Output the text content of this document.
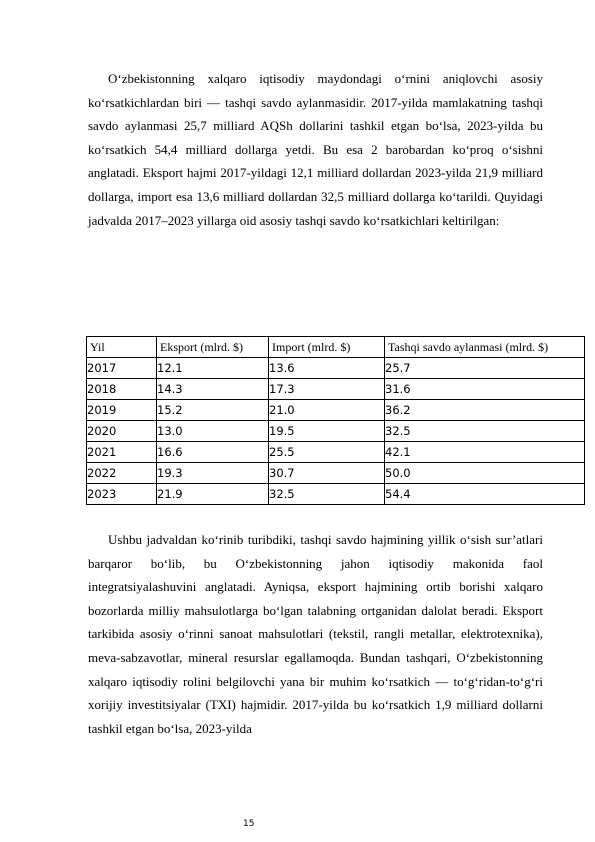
O‘zbekistonning xalqaro iqtisodiy maydondagi o‘rnini aniqlovchi asosiy ko‘rsatkichlardan biri — tashqi savdo aylanmasidir. 2017-yilda mamlakatning tashqi savdo aylanmasi 25,7 milliard AQSh dollarini tashkil etgan bo‘lsa, 2023-yilda bu ko‘rsatkich 54,4 milliard dollarga yetdi. Bu esa 2 barobardan ko‘proq o‘sishni anglatadi. Eksport hajmi 2017-yildagi 12,1 milliard dollardan 2023-yilda 21,9 milliard dollarga, import esa 13,6 milliard dollardan 32,5 milliard dollarga ko‘tarildi. Quyidagi jadvalda 2017–2023 yillarga oid asosiy tashqi savdo ko‘rsatkichlari keltirilgan:

Yil	Eksport (mlrd. $)	Import (mlrd. $)	Tashqi savdo aylanmasi (mlrd. $)
2017	12.1	13.6	25.7
2018	14.3	17.3	31.6
2019	15.2	21.0	36.2
2020	13.0	19.5	32.5
2021	16.6	25.5	42.1
2022	19.3	30.7	50.0
2023	21.9	32.5	54.4

Ushbu jadvaldan ko‘rinib turibdiki, tashqi savdo hajmining yillik o‘sish sur’atlari barqaror bo‘lib, bu O‘zbekistonning jahon iqtisodiy makonida faol integratsiyalashuvini anglatadi. Ayniqsa, eksport hajmining ortib borishi xalqaro bozorlarda milliy mahsulotlarga bo‘lgan talabning ortganidan dalolat beradi. Eksport tarkibida asosiy o‘rinni sanoat mahsulotlari (tekstil, rangli metallar, elektrotexnika), meva-sabzavotlar, mineral resurslar egallamoqda. Bundan tashqari, O‘zbekistonning xalqaro iqtisodiy rolini belgilovchi yana bir muhim ko‘rsatkich — to‘g‘ridan-to‘g‘ri xorijiy investitsiyalar (TXI) hajmidir. 2017-yilda bu ko‘rsatkich 1,9 milliard dollarni tashkil etgan bo‘lsa, 2023-yilda

15
